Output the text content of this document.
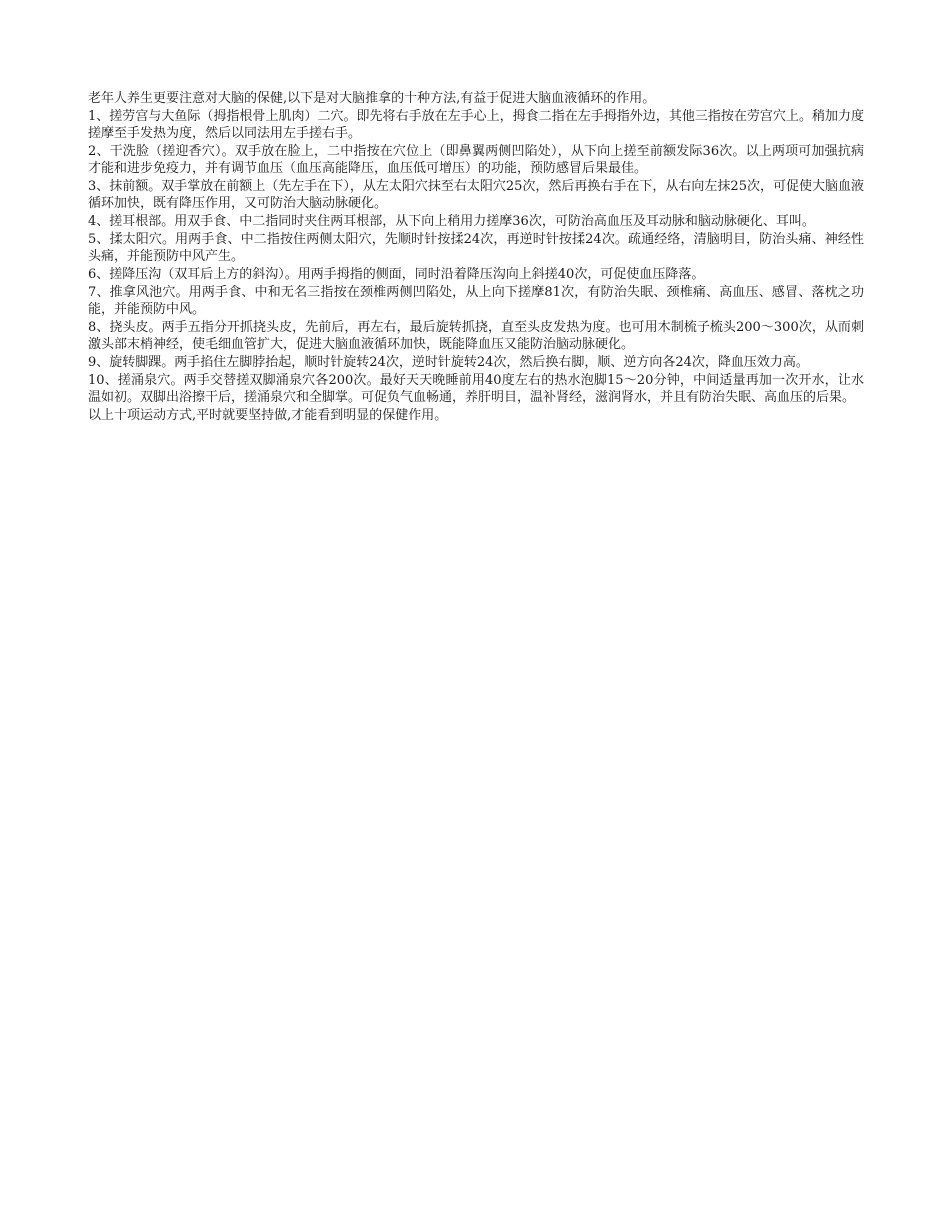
老年人养生更要注意对大脑的保健,以下是对大脑推拿的十种方法,有益于促进大脑血液循环的作用。

1、搓劳宫与大鱼际（拇指根骨上肌肉）二穴。即先将右手放在左手心上，拇食二指在左手拇指外边，其他三指按在劳宫穴上。稍加力度搓摩至手发热为度，然后以同法用左手搓右手。

2、干洗脸（搓迎香穴）。双手放在脸上，二中指按在穴位上（即鼻翼两侧凹陷处），从下向上搓至前额发际36次。以上两项可加强抗病才能和进步免疫力，并有调节血压（血压高能降压，血压低可增压）的功能，预防感冒后果最佳。

3、抹前额。双手掌放在前额上（先左手在下），从左太阳穴抹至右太阳穴25次，然后再换右手在下，从右向左抹25次，可促使大脑血液循环加快，既有降压作用，又可防治大脑动脉硬化。

4、搓耳根部。用双手食、中二指同时夹住两耳根部，从下向上稍用力搓摩36次，可防治高血压及耳动脉和脑动脉硬化、耳叫。

5、揉太阳穴。用两手食、中二指按住两侧太阳穴，先顺时针按揉24次，再逆时针按揉24次。疏通经络，清脑明目，防治头痛、神经性头痛，并能预防中风产生。

6、搓降压沟（双耳后上方的斜沟）。用两手拇指的侧面，同时沿着降压沟向上斜搓40次，可促使血压降落。

7、推拿风池穴。用两手食、中和无名三指按在颈椎两侧凹陷处，从上向下搓摩81次，有防治失眠、颈椎痛、高血压、感冒、落枕之功能，并能预防中风。

8、挠头皮。两手五指分开抓挠头皮，先前后，再左右，最后旋转抓挠，直至头皮发热为度。也可用木制梳子梳头200～300次，从而刺激头部末梢神经，使毛细血管扩大，促进大脑血液循环加快，既能降血压又能防治脑动脉硬化。

9、旋转脚踝。两手掐住左脚脖抬起，顺时针旋转24次，逆时针旋转24次，然后换右脚，顺、逆方向各24次，降血压效力高。

10、搓涌泉穴。两手交替搓双脚涌泉穴各200次。最好天天晚睡前用40度左右的热水泡脚15～20分钟，中间适量再加一次开水，让水温如初。双脚出浴擦干后，搓涌泉穴和全脚掌。可促负气血畅通，养肝明目，温补肾经，滋润肾水，并且有防治失眠、高血压的后果。

以上十项运动方式,平时就要坚持做,才能看到明显的保健作用。
